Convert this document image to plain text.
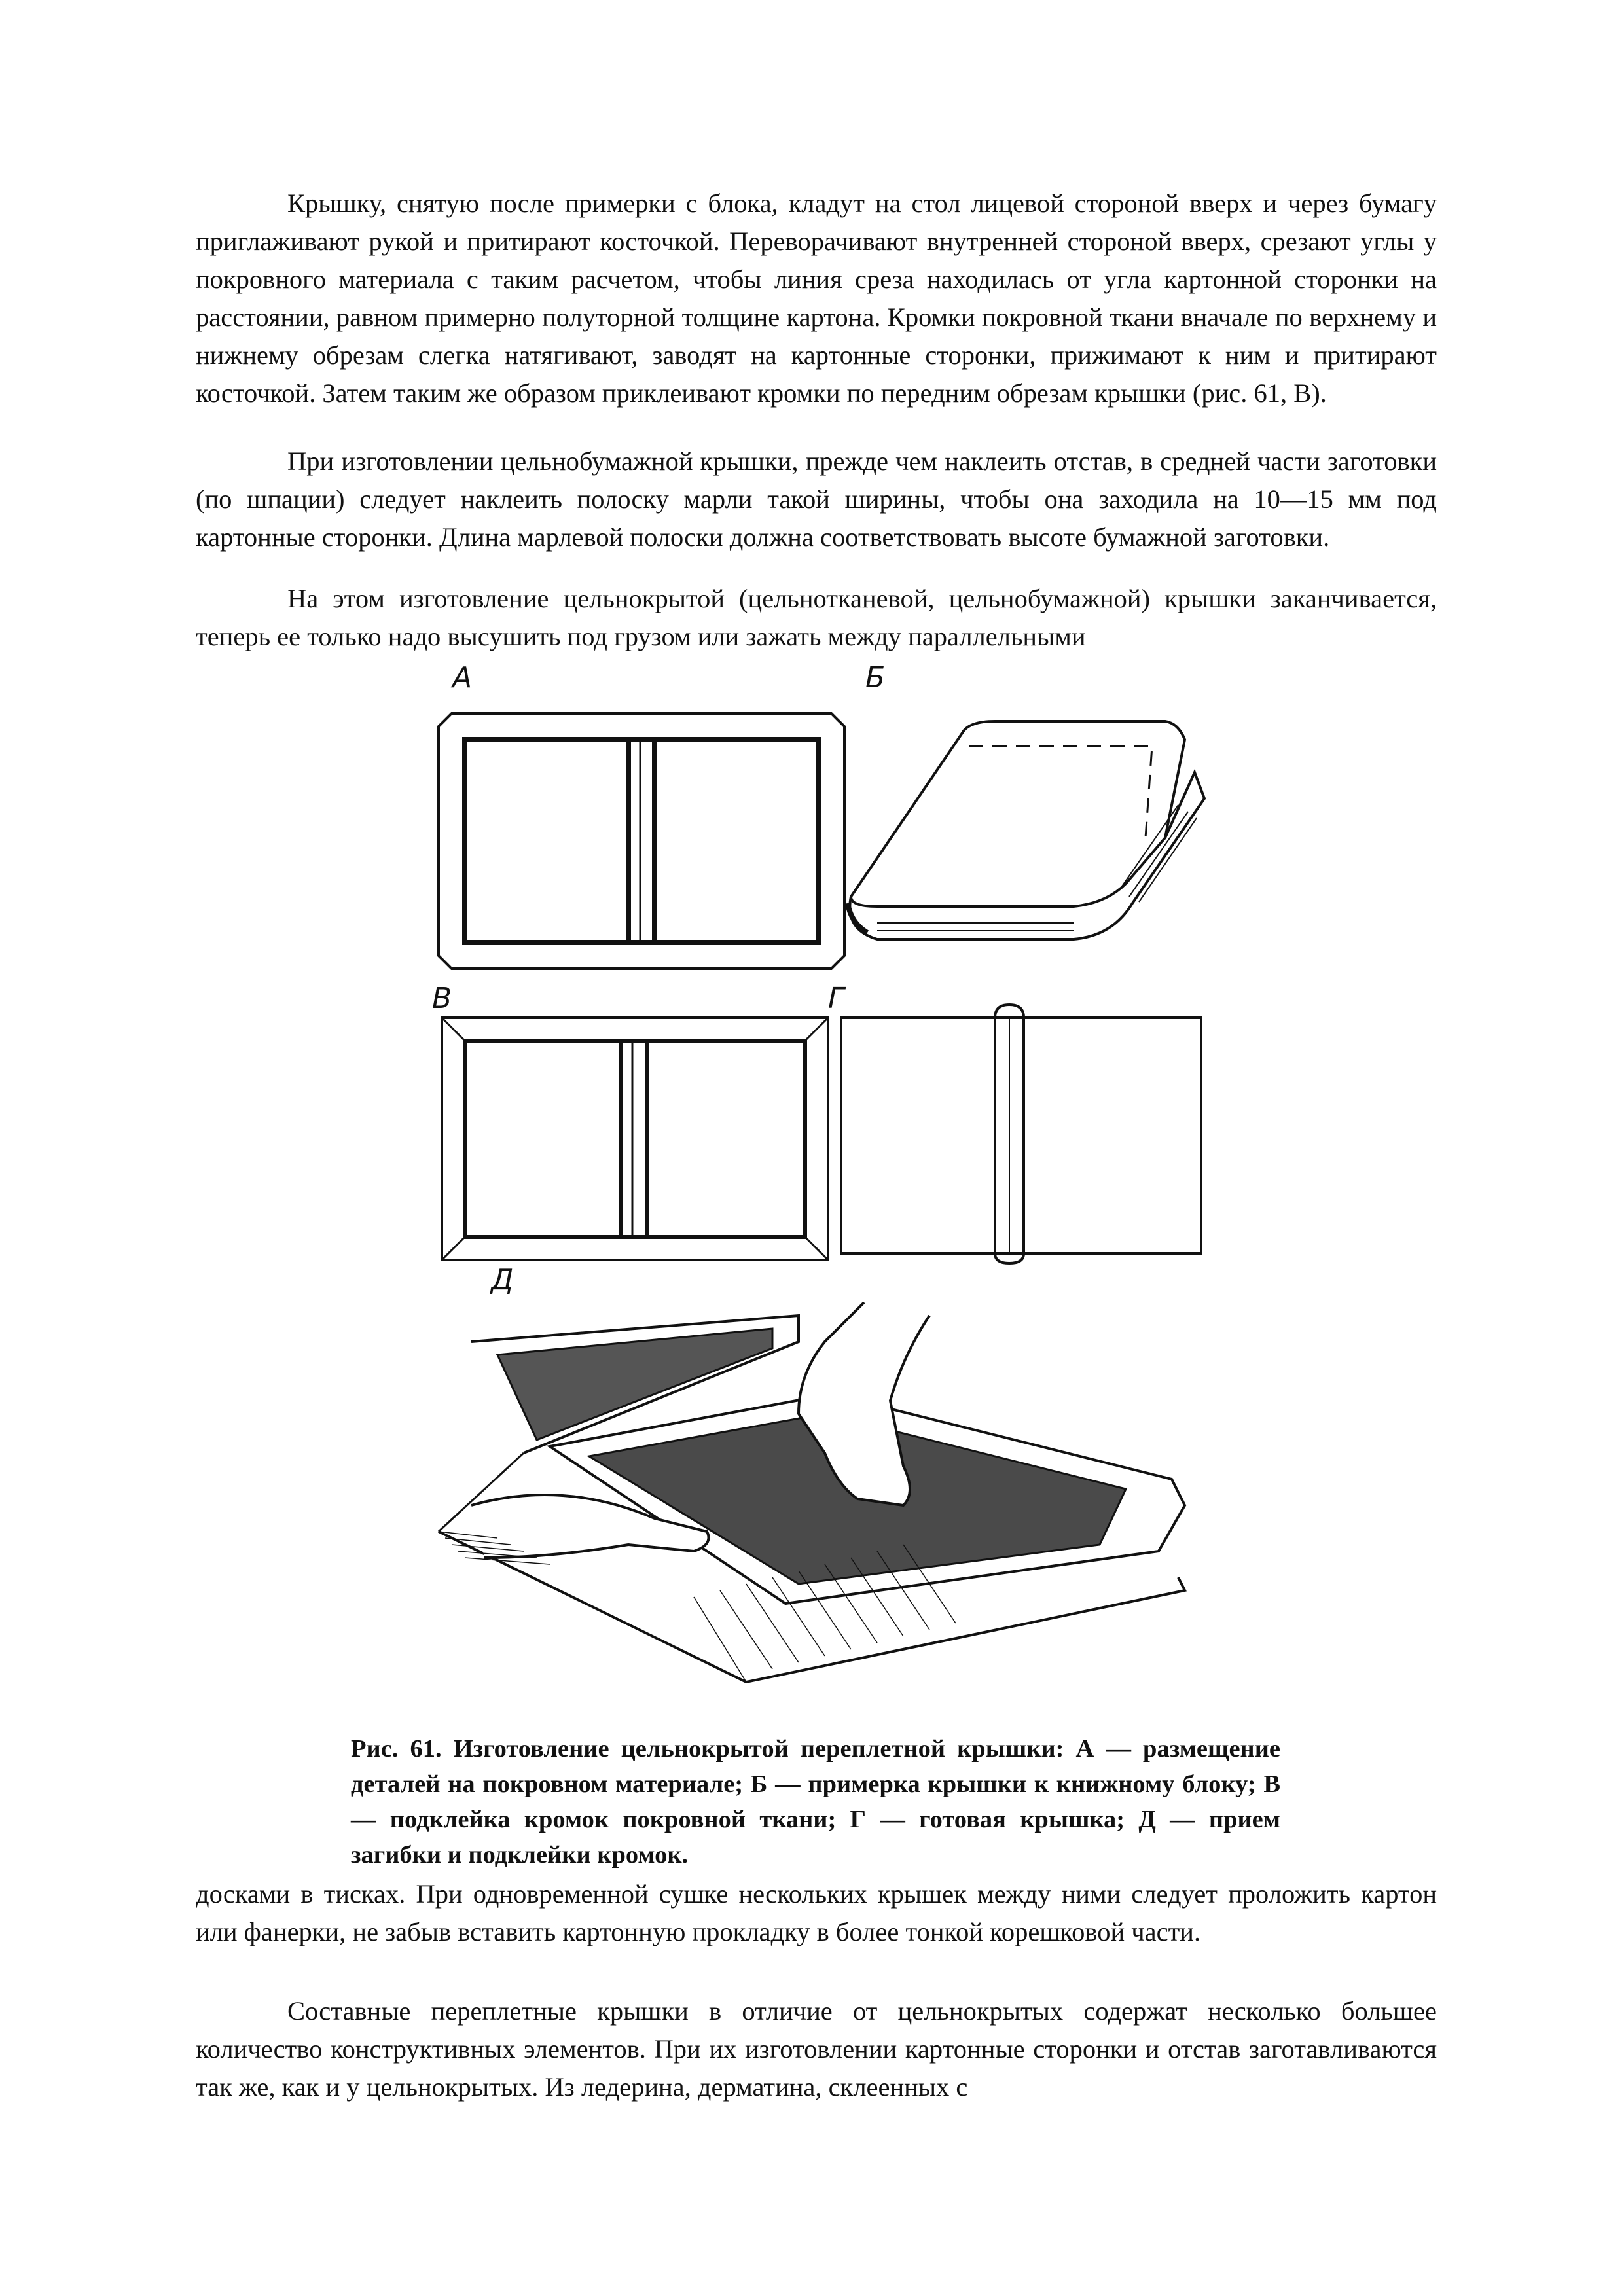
Крышку, снятую после примерки с блока, кладут на стол лицевой стороной вверх и через бумагу приглаживают рукой и притирают косточкой. Переворачивают внутренней стороной вверх, срезают углы у покровного материала с таким расчетом, чтобы линия среза находилась от угла картонной сторонки на расстоянии, равном примерно полуторной толщине картона. Кромки покровной ткани вначале по верхнему и нижнему обрезам слегка натягивают, заводят на картонные сторонки, прижимают к ним и притирают косточкой. Затем таким же образом приклеивают кромки по передним обрезам крышки (рис. 61, В).

При изготовлении цельнобумажной крышки, прежде чем наклеить отстав, в средней части заготовки (по шпации) следует наклеить полоску марли такой ширины, чтобы она заходила на 10—15 мм под картонные сторонки. Длина марлевой полоски должна соответствовать высоте бумажной заготовки.

На этом изготовление цельнокрытой (цельнотканевой, цельнобумажной) крышки заканчивается, теперь ее только надо высушить под грузом или зажать между параллельными

А	Б
В	Г
Д

Рис. 61. Изготовление цельнокрытой переплетной крышки: А — размещение деталей на покровном материале; Б — примерка крышки к книжному блоку; В — подклейка кромок покровной ткани; Г — готовая крышка; Д — прием загибки и подклейки кромок.

досками в тисках. При одновременной сушке нескольких крышек между ними следует проложить картон или фанерки, не забыв вставить картонную прокладку в более тонкой корешковой части.

Составные переплетные крышки в отличие от цельнокрытых содержат несколько большее количество конструктивных элементов. При их изготовлении картонные сторонки и отстав заготавливаются так же, как и у цельнокрытых. Из ледерина, дерматина, склеенных с
